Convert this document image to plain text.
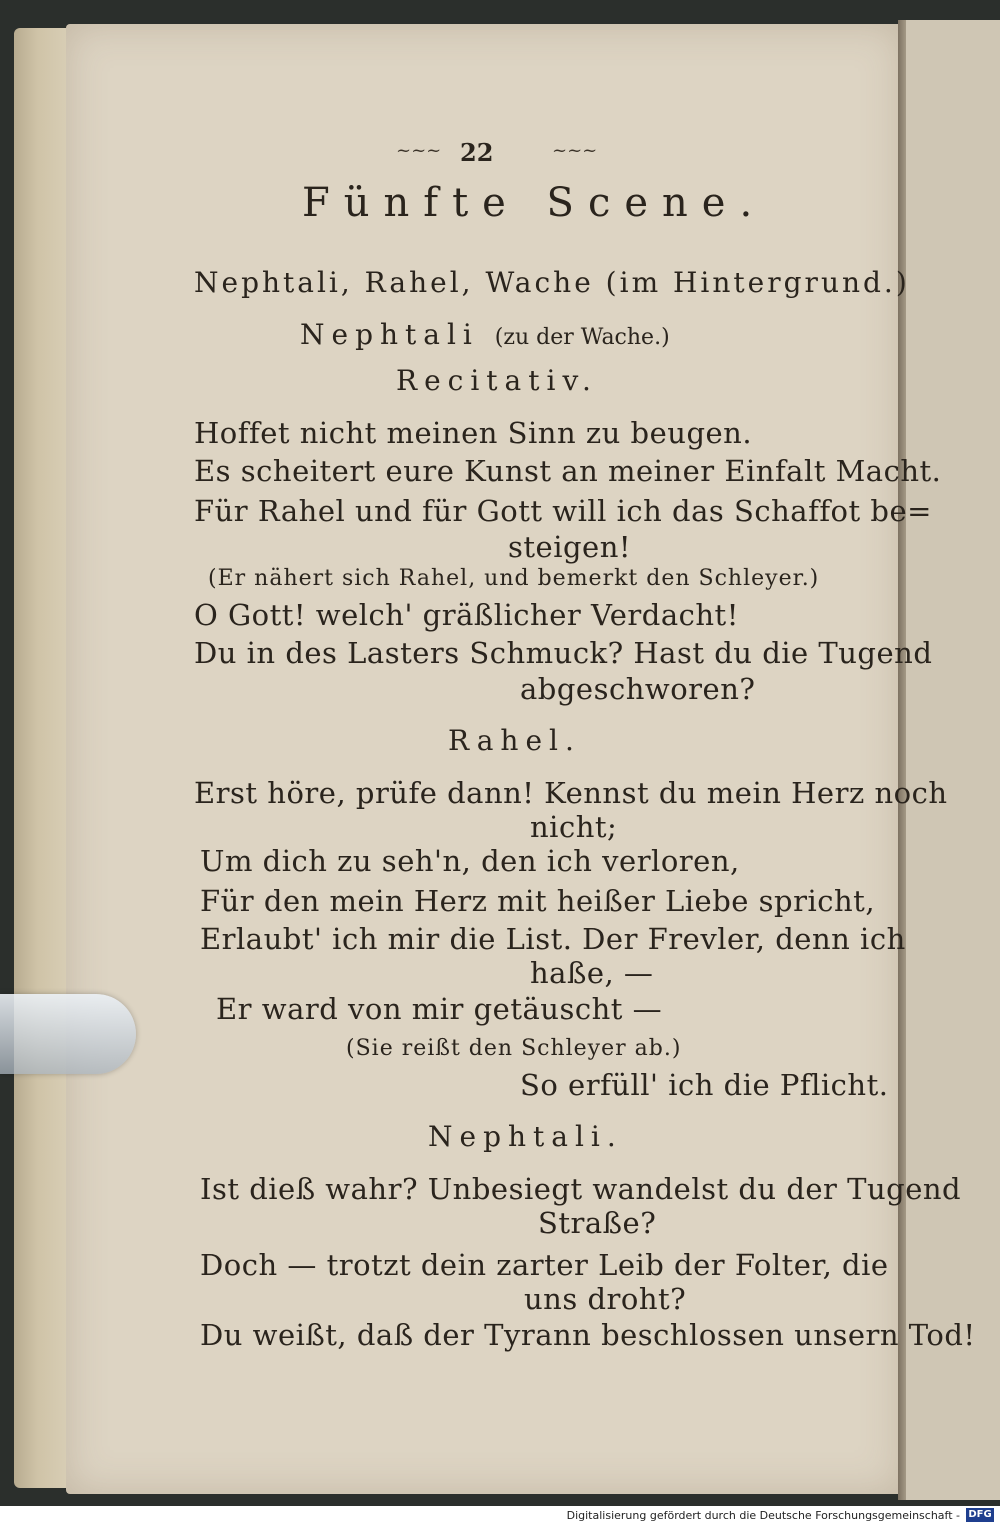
~~~ 22	~~~
Fünfte Scene.
Nephtali, Rahel, Wache (im Hintergrund.)
Nephtali (zu der Wache.)
Recitativ.
Hoffet nicht meinen Sinn zu beugen.
Es scheitert eure Kunst an meiner Einfalt Macht.
Für Rahel und für Gott will ich das Schaffot be=
steigen!
(Er nähert sich Rahel, und bemerkt den Schleyer.)
O Gott! welch' gräßlicher Verdacht!
Du in des Lasters Schmuck? Hast du die Tugend
abgeschworen?
Rahel.
Erst höre, prüfe dann! Kennst du mein Herz noch
nicht;
Um dich zu seh'n, den ich verloren,
Für den mein Herz mit heißer Liebe spricht,
Erlaubt' ich mir die List. Der Frevler, denn ich
haße, —
Er ward von mir getäuscht —
(Sie reißt den Schleyer ab.)
So erfüll' ich die Pflicht.
Nephtali.
Ist dieß wahr? Unbesiegt wandelst du der Tugend
Straße?
Doch — trotzt dein zarter Leib der Folter, die
uns droht?
Du weißt, daß der Tyrann beschlossen unsern Tod!
Digitalisierung gefördert durch die Deutsche Forschungsgemeinschaft - DFG
